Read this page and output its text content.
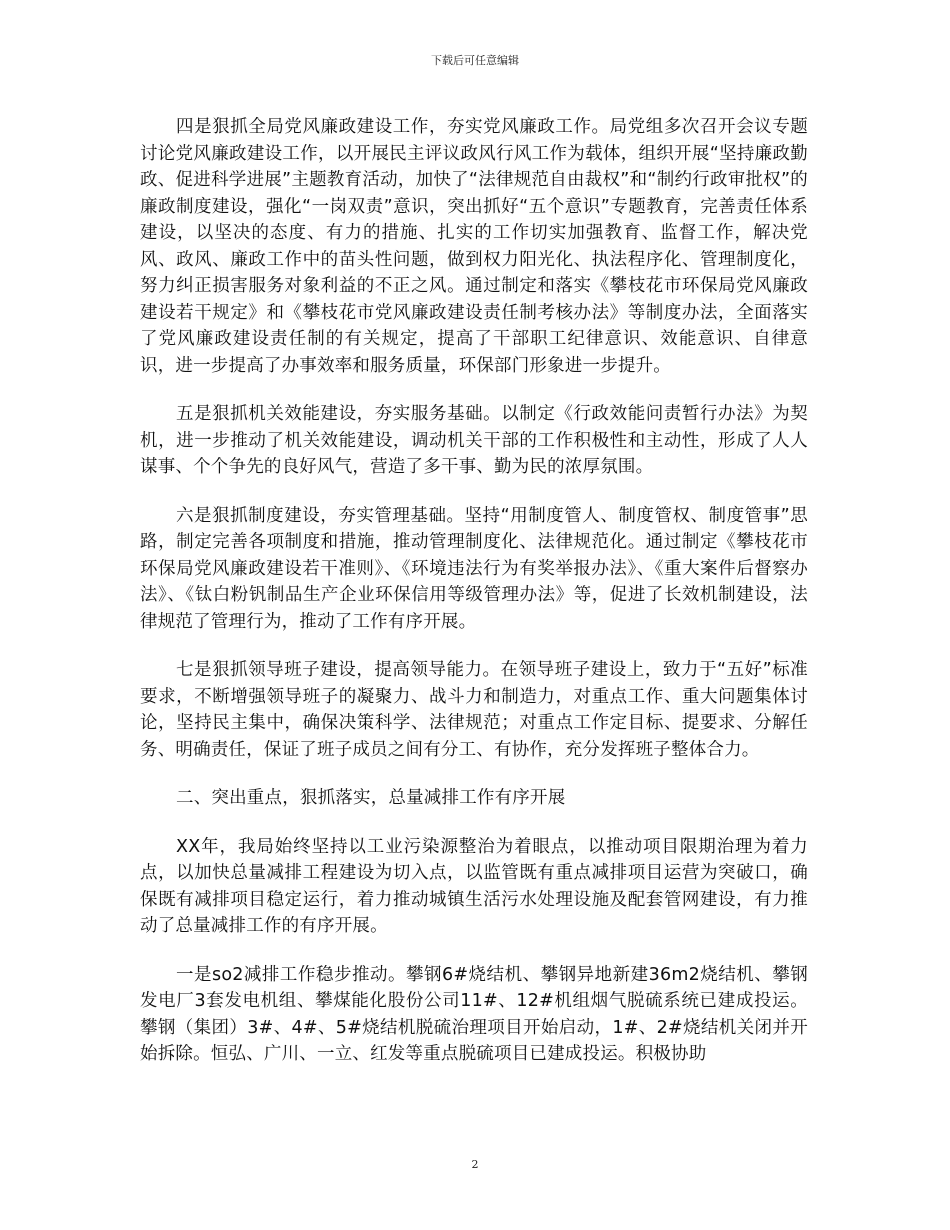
下载后可任意编辑

四是狠抓全局党风廉政建设工作，夯实党风廉政工作。局党组多次召开会议专题讨论党风廉政建设工作，以开展民主评议政风行风工作为载体，组织开展“坚持廉政勤政、促进科学进展”主题教育活动，加快了“法律规范自由裁权”和“制约行政审批权”的廉政制度建设，强化“一岗双责”意识，突出抓好“五个意识”专题教育，完善责任体系建设，以坚决的态度、有力的措施、扎实的工作切实加强教育、监督工作，解决党风、政风、廉政工作中的苗头性问题，做到权力阳光化、执法程序化、管理制度化，努力纠正损害服务对象利益的不正之风。通过制定和落实《攀枝花市环保局党风廉政建设若干规定》和《攀枝花市党风廉政建设责任制考核办法》等制度办法，全面落实了党风廉政建设责任制的有关规定，提高了干部职工纪律意识、效能意识、自律意识，进一步提高了办事效率和服务质量，环保部门形象进一步提升。

五是狠抓机关效能建设，夯实服务基础。以制定《行政效能问责暂行办法》为契机，进一步推动了机关效能建设，调动机关干部的工作积极性和主动性，形成了人人谋事、个个争先的良好风气，营造了多干事、勤为民的浓厚氛围。

六是狠抓制度建设，夯实管理基础。坚持“用制度管人、制度管权、制度管事”思路，制定完善各项制度和措施，推动管理制度化、法律规范化。通过制定《攀枝花市环保局党风廉政建设若干准则》、《环境违法行为有奖举报办法》、《重大案件后督察办法》、《钛白粉钒制品生产企业环保信用等级管理办法》等，促进了长效机制建设，法律规范了管理行为，推动了工作有序开展。

七是狠抓领导班子建设，提高领导能力。在领导班子建设上，致力于“五好”标准要求，不断增强领导班子的凝聚力、战斗力和制造力，对重点工作、重大问题集体讨论，坚持民主集中，确保决策科学、法律规范；对重点工作定目标、提要求、分解任务、明确责任，保证了班子成员之间有分工、有协作，充分发挥班子整体合力。

二、突出重点，狠抓落实，总量减排工作有序开展

XX年，我局始终坚持以工业污染源整治为着眼点，以推动项目限期治理为着力点，以加快总量减排工程建设为切入点，以监管既有重点减排项目运营为突破口，确保既有减排项目稳定运行，着力推动城镇生活污水处理设施及配套管网建设，有力推动了总量减排工作的有序开展。

一是so2减排工作稳步推动。攀钢6#烧结机、攀钢异地新建36m2烧结机、攀钢发电厂3套发电机组、攀煤能化股份公司11#、12#机组烟气脱硫系统已建成投运。攀钢（集团）3#、4#、5#烧结机脱硫治理项目开始启动，1#、2#烧结机关闭并开始拆除。恒弘、广川、一立、红发等重点脱硫项目已建成投运。积极协助

2
